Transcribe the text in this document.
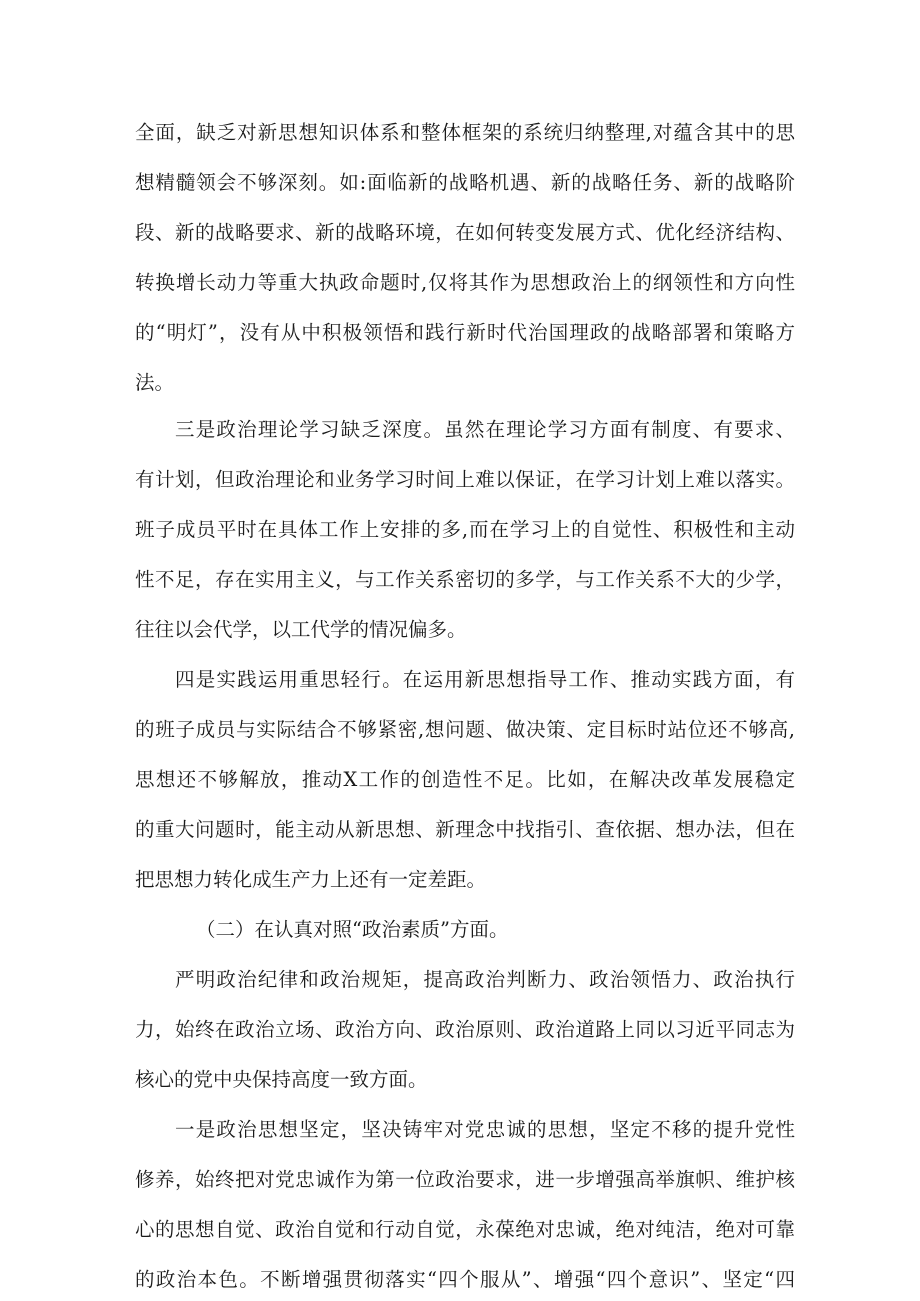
全面，缺乏对新思想知识体系和整体框架的系统归纳整理,对蕴含其中的思
想精髓领会不够深刻。如:面临新的战略机遇、新的战略任务、新的战略阶
段、新的战略要求、新的战略环境，在如何转变发展方式、优化经济结构、
转换增长动力等重大执政命题时,仅将其作为思想政治上的纲领性和方向性
的“明灯”，没有从中积极领悟和践行新时代治国理政的战略部署和策略方
法。
三是政治理论学习缺乏深度。虽然在理论学习方面有制度、有要求、
有计划，但政治理论和业务学习时间上难以保证，在学习计划上难以落实。
班子成员平时在具体工作上安排的多,而在学习上的自觉性、积极性和主动
性不足，存在实用主义，与工作关系密切的多学，与工作关系不大的少学，
往往以会代学，以工代学的情况偏多。
四是实践运用重思轻行。在运用新思想指导工作、推动实践方面，有
的班子成员与实际结合不够紧密,想问题、做决策、定目标时站位还不够高,
思想还不够解放，推动X工作的创造性不足。比如，在解决改革发展稳定
的重大问题时，能主动从新思想、新理念中找指引、查依据、想办法，但在
把思想力转化成生产力上还有一定差距。
（二）在认真对照“政治素质”方面。
严明政治纪律和政治规矩，提高政治判断力、政治领悟力、政治执行
力，始终在政治立场、政治方向、政治原则、政治道路上同以习近平同志为
核心的党中央保持高度一致方面。
一是政治思想坚定，坚决铸牢对党忠诚的思想，坚定不移的提升党性
修养，始终把对党忠诚作为第一位政治要求，进一步增强高举旗帜、维护核
心的思想自觉、政治自觉和行动自觉，永葆绝对忠诚，绝对纯洁，绝对可靠
的政治本色。不断增强贯彻落实“四个服从”、增强“四个意识”、坚定“四
